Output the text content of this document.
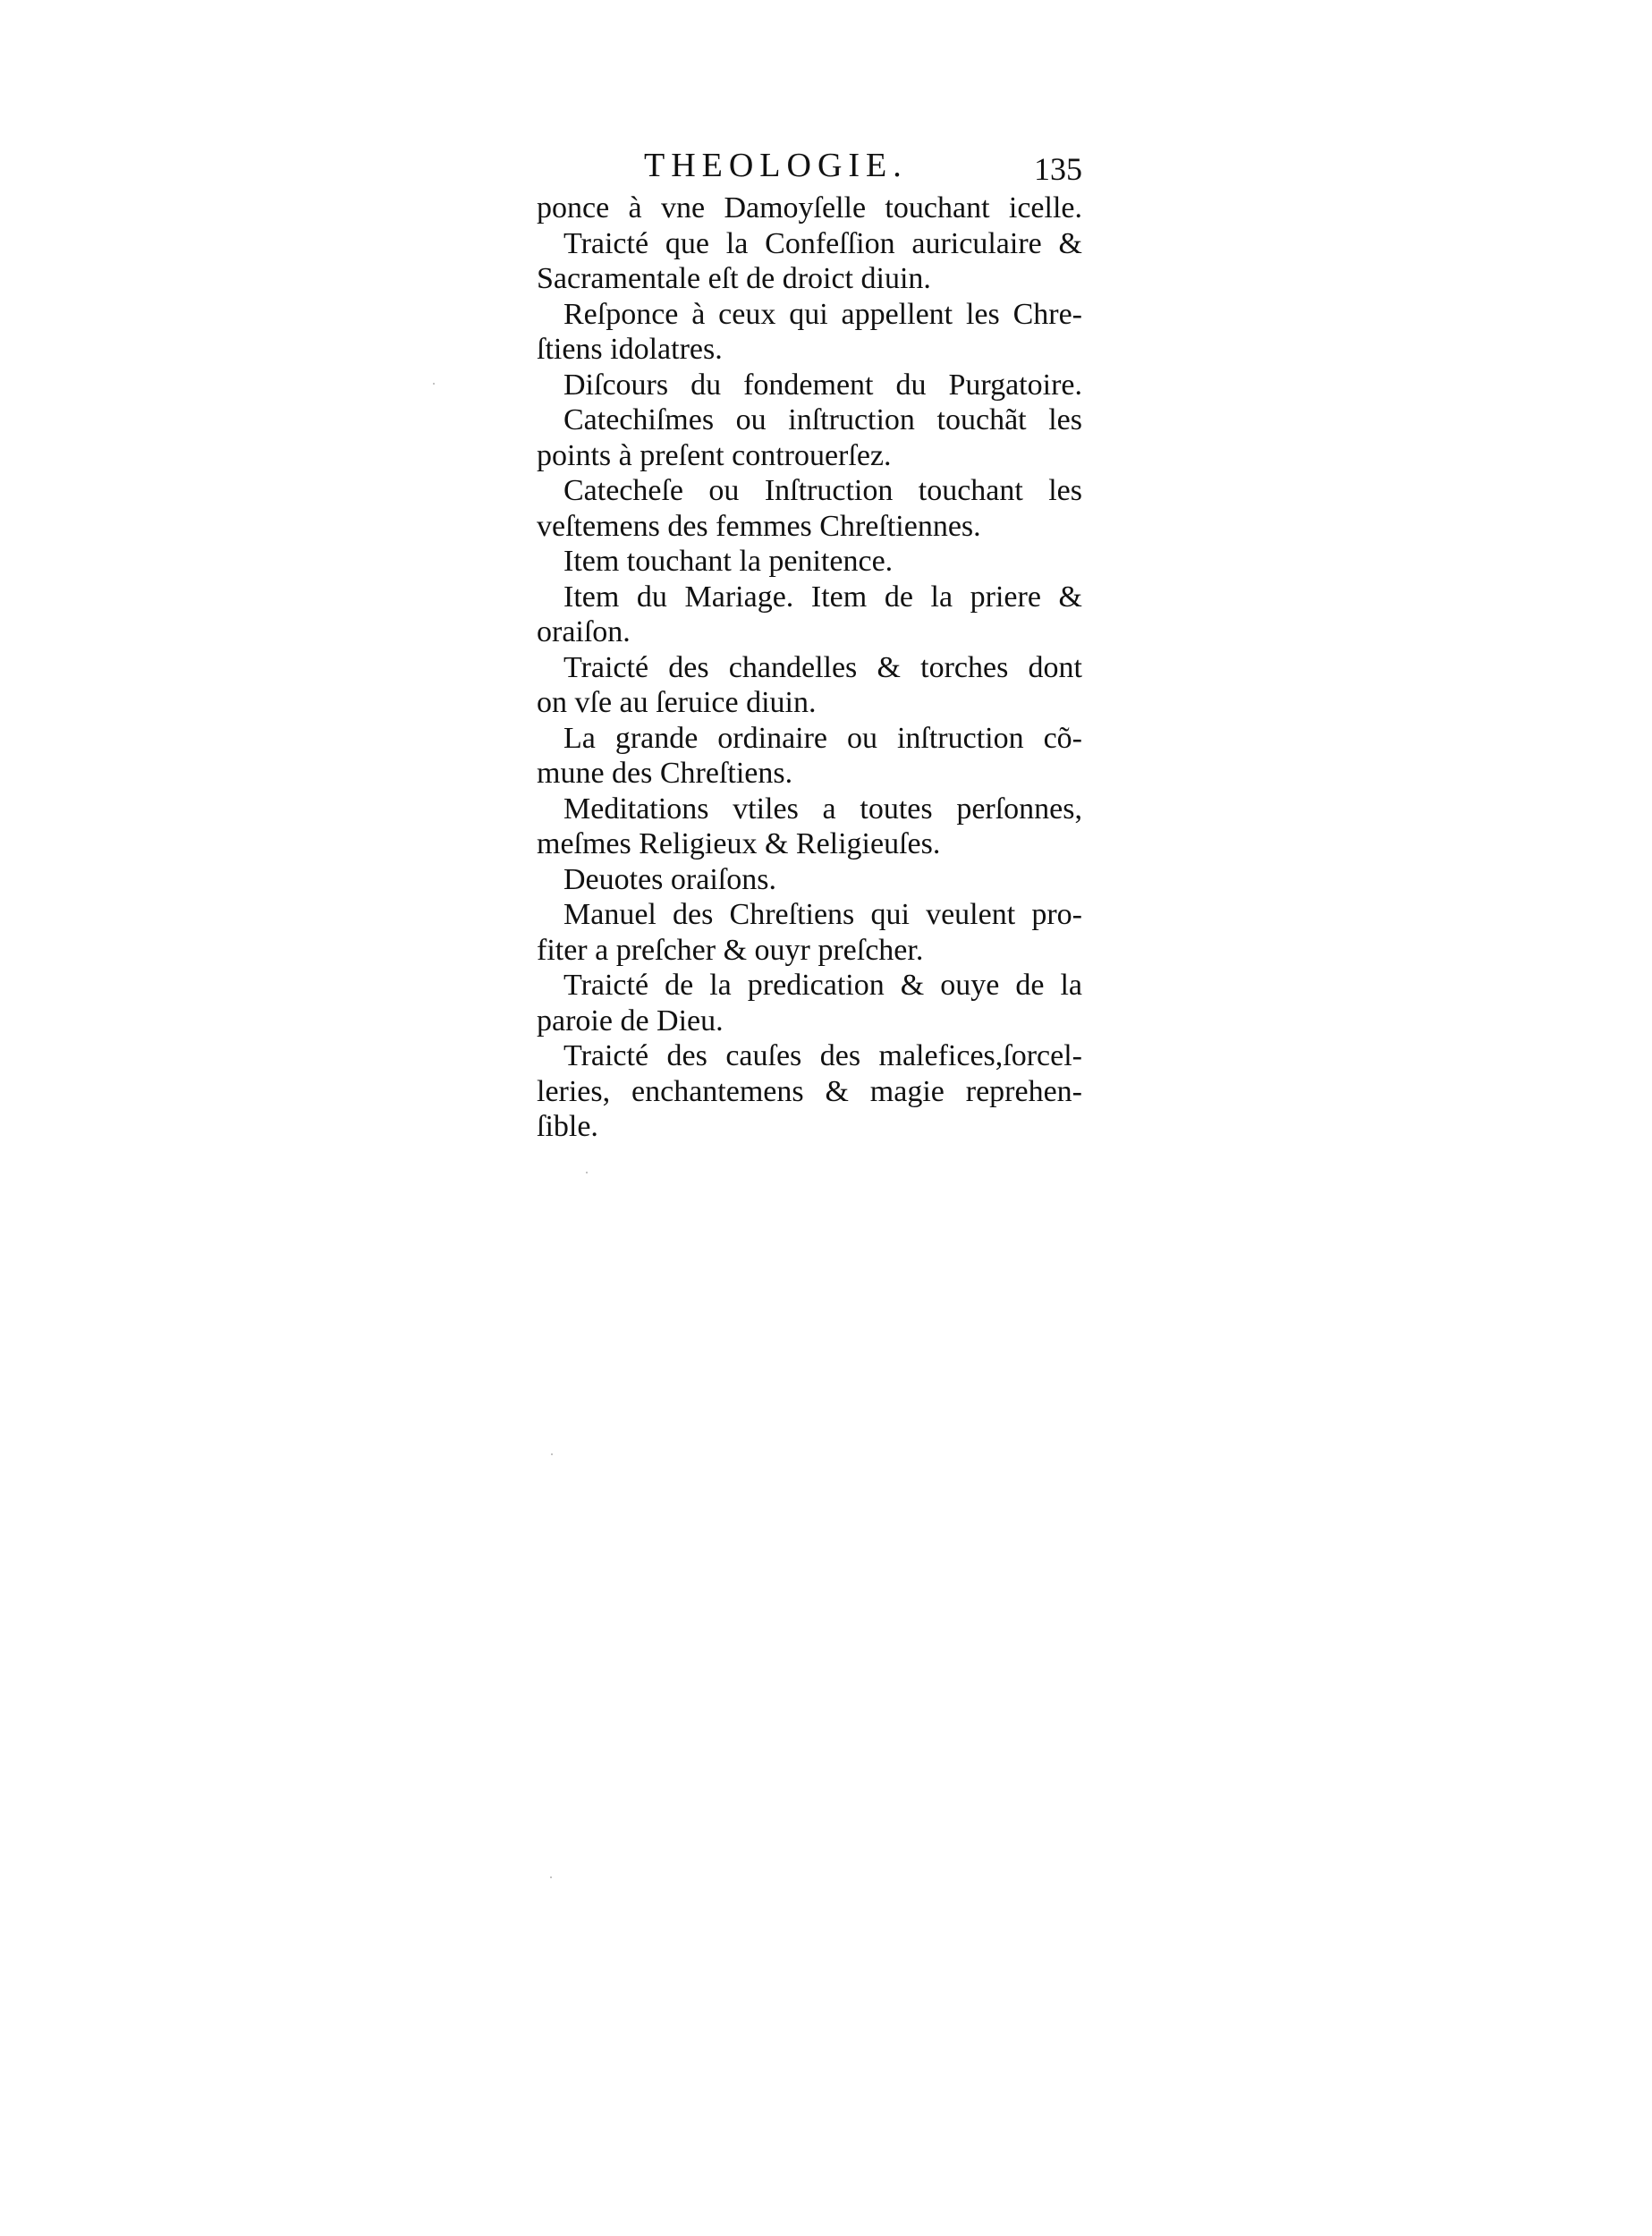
THEOLOGIE.	135
ponce à vne Damoyſelle touchant icelle.
Traicté que la Confeſſion auriculaire &
Sacramentale eſt de droict diuin.
Reſponce à ceux qui appellent les Chre-
ſtiens idolatres.
Diſcours du fondement du Purgatoire.
Catechiſmes ou inſtruction touchãt les
points à preſent controuerſez.
Catecheſe ou Inſtruction touchant les
veſtemens des femmes Chreſtiennes.
Item touchant la penitence.
Item du Mariage. Item de la priere &
oraiſon.
Traicté des chandelles & torches dont
on vſe au ſeruice diuin.
La grande ordinaire ou inſtruction cõ-
mune des Chreſtiens.
Meditations vtiles a toutes perſonnes,
meſmes Religieux & Religieuſes.
Deuotes oraiſons.
Manuel des Chreſtiens qui veulent pro-
fiter a preſcher & ouyr preſcher.
Traicté de la predication & ouye de la
paroie de Dieu.
Traicté des cauſes des malefices,ſorcel-
leries, enchantemens & magie reprehen-
ſible.
